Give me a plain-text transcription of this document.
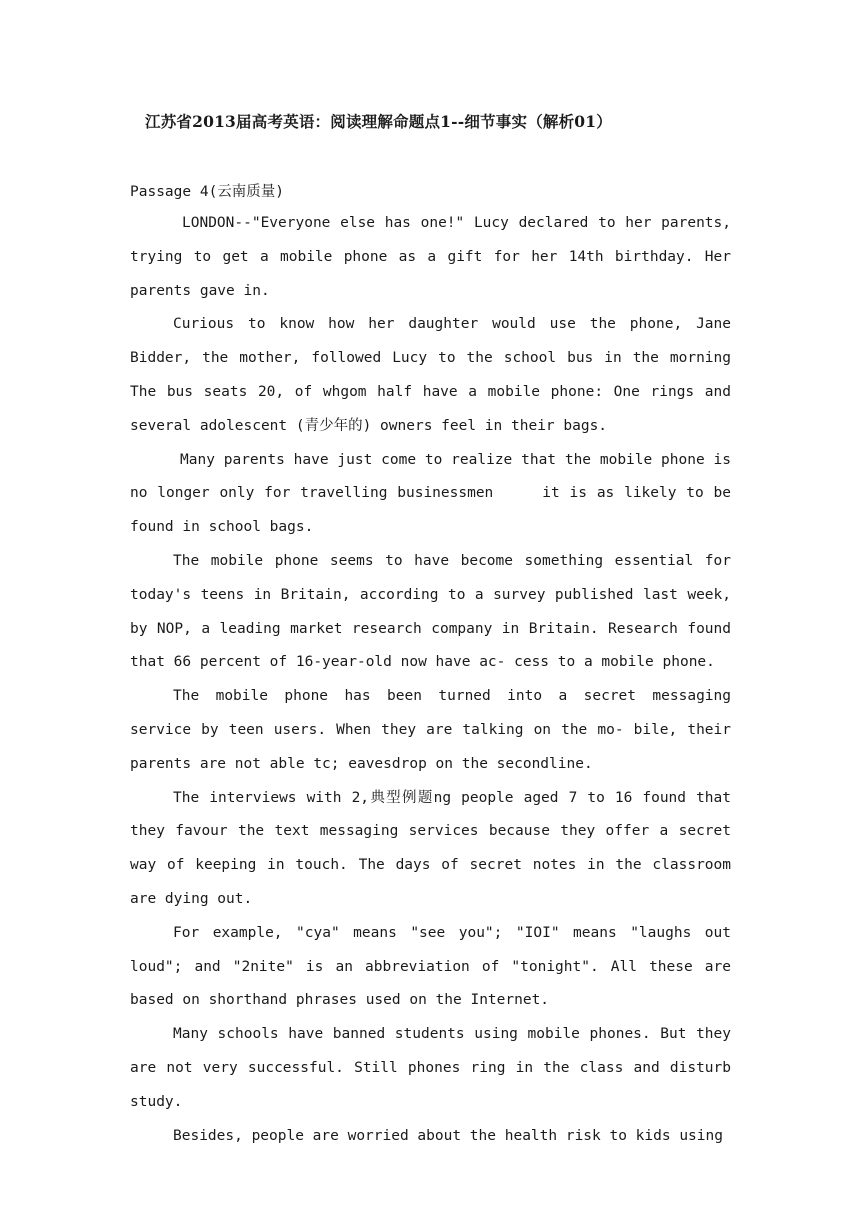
江苏省2013届高考英语：阅读理解命题点1--细节事实（解析01）
Passage 4(云南质量)

LONDON--"Everyone else has one!" Lucy declared to her parents, trying to get a mobile phone as a gift for her 14th birthday. Her parents gave in.

Curious to know how her daughter would use the phone, Jane Bidder, the mother, followed Lucy to the school bus in the morning The bus seats 20, of whgom half have a mobile phone: One rings and several adolescent (青少年的) owners feel in their bags.

Many parents have just come to realize that the mobile phone is no longer only for travelling businessmen     it is as likely to be found in school bags.

The mobile phone seems to have become something essential for today's teens in Britain, according to a survey published last week, by NOP, a leading market research company in Britain. Research found that 66 percent of 16-year-old now have ac- cess to a mobile phone.

The mobile phone has been turned into a secret messaging service by teen users. When they are talking on the mo- bile, their parents are not able tc; eavesdrop on the secondline.

The interviews with 2,典型例题ng people aged 7 to 16 found that they favour the text messaging services because they offer a secret way of keeping in touch. The days of secret notes in the classroom are dying out.

For example, "cya" means "see you"; "IOI" means "laughs out loud"; and "2nite" is an abbreviation of "tonight". All these are based on shorthand phrases used on the Internet.

Many schools have banned students using mobile phones. But they are not very successful. Still phones ring in the class and disturb study.

Besides, people are worried about the health risk to kids using
